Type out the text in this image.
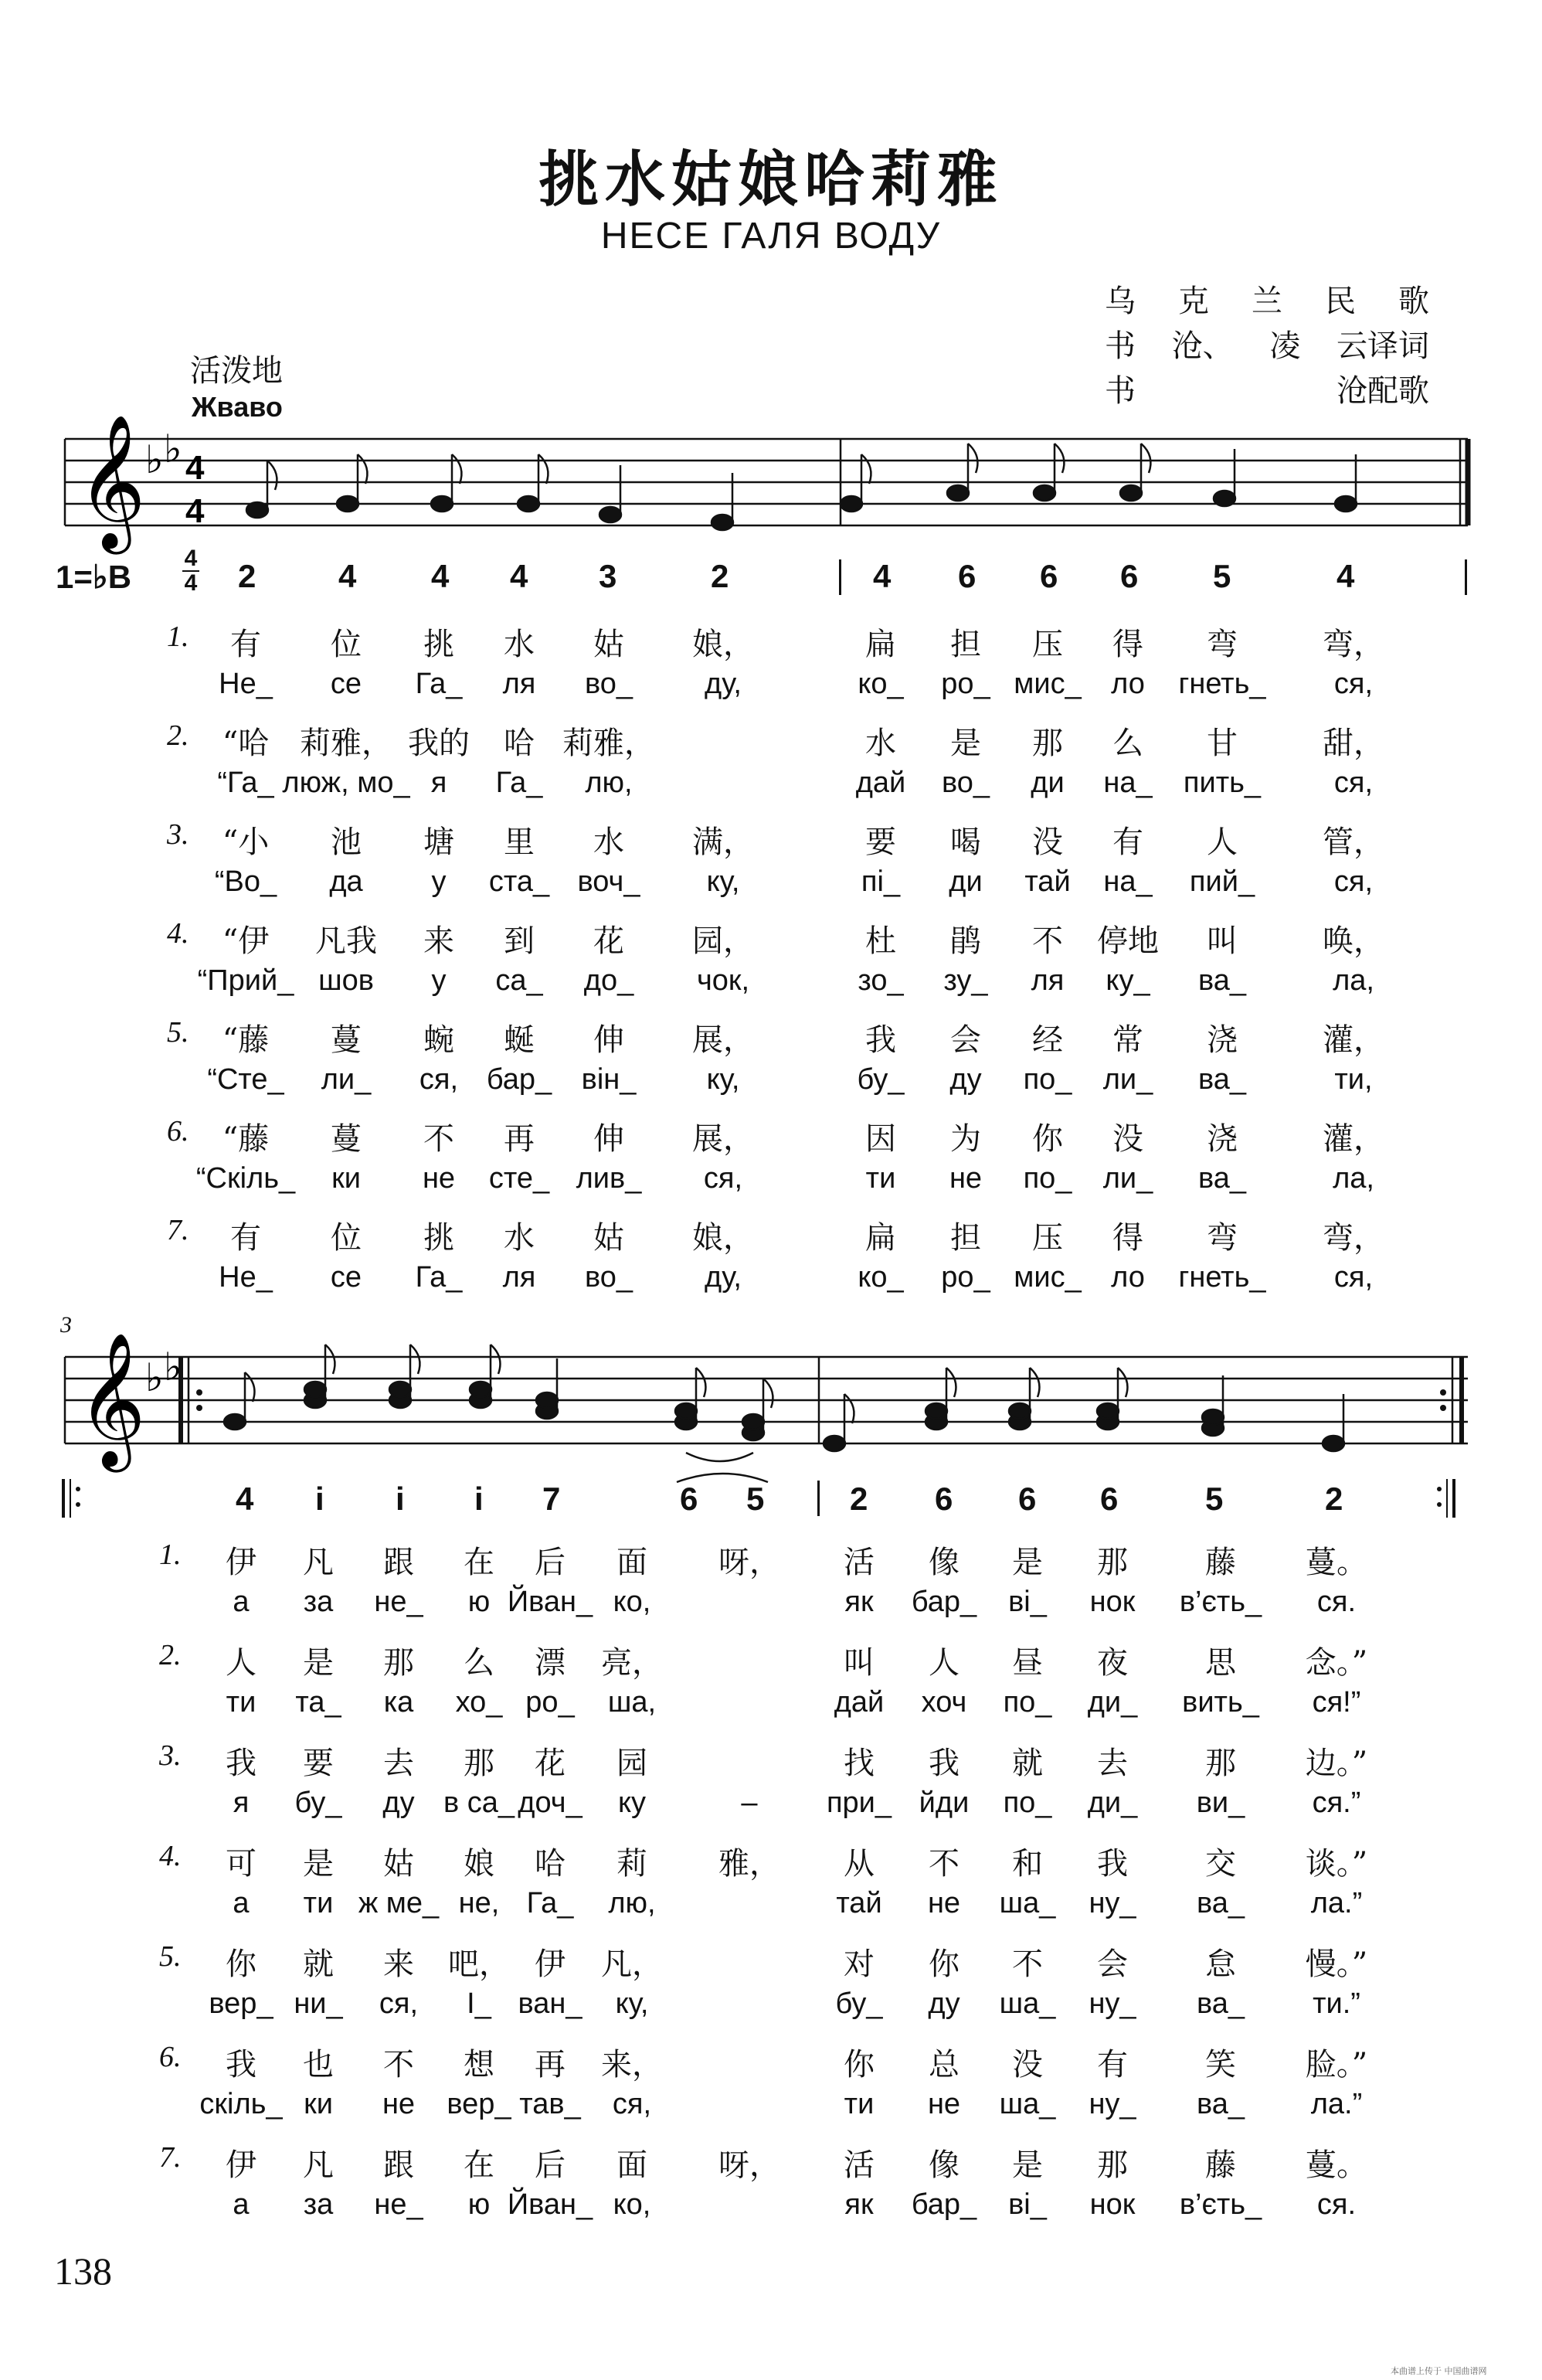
挑水姑娘哈莉雅
НЕСЕ ГАЛЯ ВОДУ
乌 克 兰 民 歌
书 沧、 凌 云译词
书	沧配歌
活泼地
Жваво
𝄞 ♭ ♭ 4
4
1=♭B
4
4 2	4 4 4 3	2	4 6 6 6 5	4
1. 有 位 挑 水 姑 娘，	扁 担 压 得 弯	弯，
Не_ се Га_ ля во_ ду,	ко_ ро_ мис_ ло гнеть_ ся,
2. “哈 莉雅， 我的 哈 莉雅，	水 是 那 么 甘	甜，
“Га_ люж, мо_ я Га_ лю,	дай во_ ди на_ пить_ ся,
3. “小 池 塘 里 水 满，	要 喝 没 有 人	管，
“Во_ да у ста_ воч_ ку,	пі_ ди тай на_ пий_	ся,
4. “伊 凡我 来 到 花 园，	杜 鹃 不 停地 叫	唤，
“Прий_ шов у са_ до_ чок,	зо_ зу_ ля ку_ ва_	ла,
5. “藤 蔓 蜿 蜒 伸 展，	我 会 经 常 浇	灌，
“Сте_ ли_ ся, бар_ він_ ку,	бу_ ду по_ ли_ ва_	ти,
6. “藤 蔓 不 再 伸 展，	因 为 你 没 浇	灌，
“Скіль_ ки не сте_ лив_ ся,	ти не по_ ли_ ва_	ла,
7. 有 位 挑 水 姑 娘，	扁 担 压 得 弯	弯，
Не_ се Га_ ля во_ ду,	ко_ ро_ мис_ ло гнеть_ ся,
3
𝄞 ♭ ♭
4 i i i 7	6 5	2 6 6 6	5	2
1. 伊 凡 跟 在 后 面 呀， 活 像 是 那	藤 蔓。
а за не_ ю Йван_ ко,	як бар_ ві_ нок в’єть_ ся.
2. 人 是 那 么 漂 亮，	叫 人 昼 夜	思 念。”
ти та_ ка хо_ ро_ ша,	дай хоч по_ ди_ вить_ ся!”
3. 我 要 去 那 花 园	找 我 就 去	那 边。”
я бу_ ду в са_ доч_ ку	– при_ йди по_ ди_ ви_ ся.”
4. 可 是 姑 娘 哈 莉 雅， 从 不 和 我	交 谈。”
а ти ж ме_ не, Га_ лю,	тай не ша_ ну_ ва_ ла.”
5. 你 就 来 吧， 伊 凡，	对 你 不 会	怠 慢。”
вер_ ни_ ся, І_ ван_ ку,	бу_ ду ша_ ну_ ва_ ти.”
6. 我 也 不 想 再 来，	你 总 没 有	笑 脸。”
скіль_ ки не вер_ тав_ ся,	ти не ша_ ну_ ва_ ла.”
7. 伊 凡 跟 在 后 面 呀， 活 像 是 那	藤 蔓。
а за не_ ю Йван_ ко,	як бар_ ві_ нок в’єть_ ся.
138
本曲谱上传于 中国曲谱网
